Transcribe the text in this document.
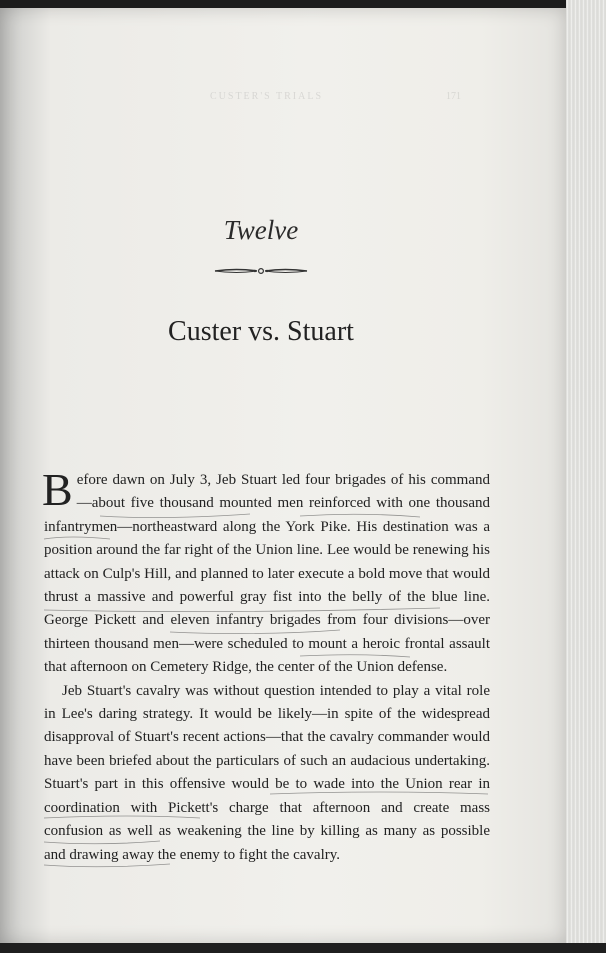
CUSTER'S TRIALS	171
Twelve
Custer vs. Stuart

Before dawn on July 3, Jeb Stuart led four brigades of his command—about five thousand mounted men reinforced with one thousand infantrymen—northeastward along the York Pike. His destination was a position around the far right of the Union line. Lee would be renewing his attack on Culp's Hill, and planned to later execute a bold move that would thrust a massive and powerful gray fist into the belly of the blue line. George Pickett and eleven infantry brigades from four divisions—over thirteen thousand men—were scheduled to mount a heroic frontal assault that afternoon on Cemetery Ridge, the center of the Union defense.

Jeb Stuart's cavalry was without question intended to play a vital role in Lee's daring strategy. It would be likely—in spite of the widespread disapproval of Stuart's recent actions—that the cavalry commander would have been briefed about the particulars of such an audacious undertaking. Stuart's part in this offensive would be to wade into the Union rear in coordination with Pickett's charge that afternoon and create mass confusion as well as weakening the line by killing as many as possible and drawing away the enemy to fight the cavalry.
